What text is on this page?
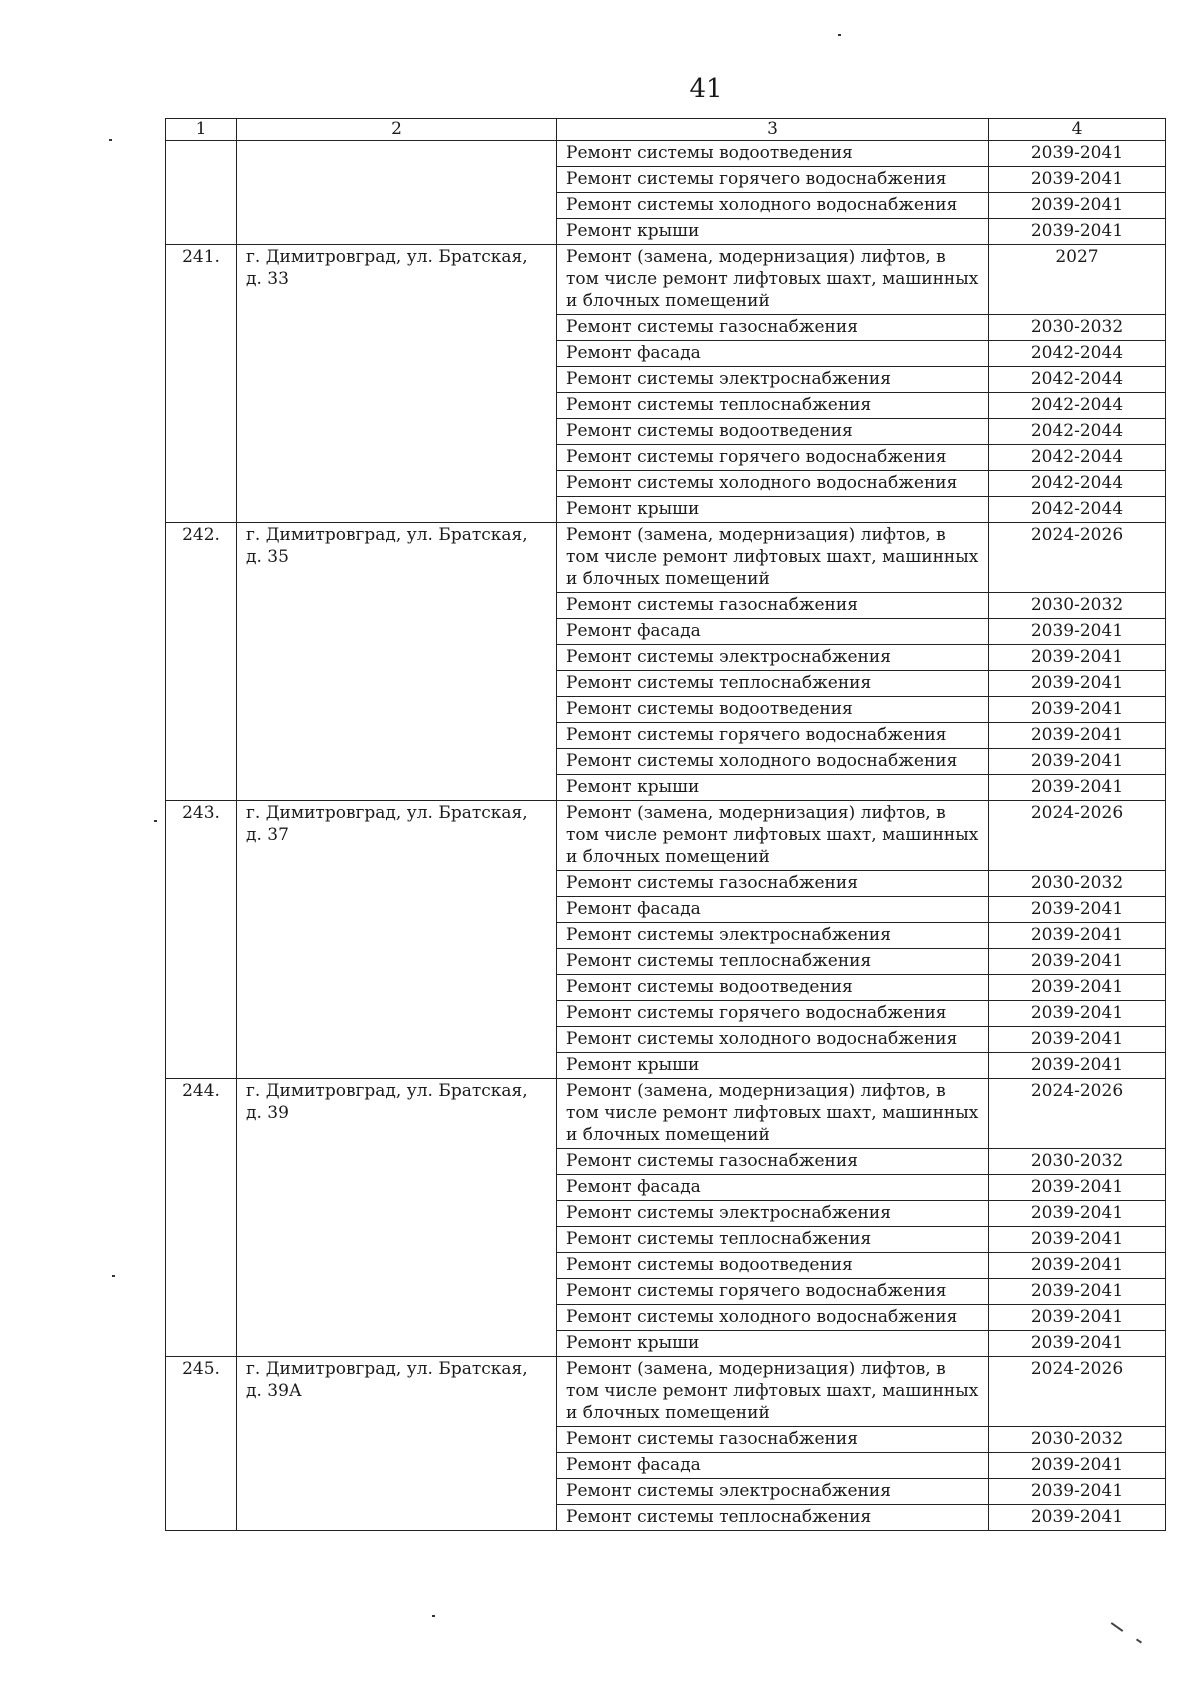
41
1	2	3	4
		Ремонт системы водоотведения	2039-2041
		Ремонт системы горячего водоснабжения	2039-2041
		Ремонт системы холодного водоснабжения	2039-2041
		Ремонт крыши	2039-2041
241.	г. Димитровград, ул. Братская, д. 33	Ремонт (замена, модернизация) лифтов, в том числе ремонт лифтовых шахт, машинных и блочных помещений	2027
		Ремонт системы газоснабжения	2030-2032
		Ремонт фасада	2042-2044
		Ремонт системы электроснабжения	2042-2044
		Ремонт системы теплоснабжения	2042-2044
		Ремонт системы водоотведения	2042-2044
		Ремонт системы горячего водоснабжения	2042-2044
		Ремонт системы холодного водоснабжения	2042-2044
		Ремонт крыши	2042-2044
242.	г. Димитровград, ул. Братская, д. 35	Ремонт (замена, модернизация) лифтов, в том числе ремонт лифтовых шахт, машинных и блочных помещений	2024-2026
		Ремонт системы газоснабжения	2030-2032
		Ремонт фасада	2039-2041
		Ремонт системы электроснабжения	2039-2041
		Ремонт системы теплоснабжения	2039-2041
		Ремонт системы водоотведения	2039-2041
		Ремонт системы горячего водоснабжения	2039-2041
		Ремонт системы холодного водоснабжения	2039-2041
		Ремонт крыши	2039-2041
243.	г. Димитровград, ул. Братская, д. 37	Ремонт (замена, модернизация) лифтов, в том числе ремонт лифтовых шахт, машинных и блочных помещений	2024-2026
		Ремонт системы газоснабжения	2030-2032
		Ремонт фасада	2039-2041
		Ремонт системы электроснабжения	2039-2041
		Ремонт системы теплоснабжения	2039-2041
		Ремонт системы водоотведения	2039-2041
		Ремонт системы горячего водоснабжения	2039-2041
		Ремонт системы холодного водоснабжения	2039-2041
		Ремонт крыши	2039-2041
244.	г. Димитровград, ул. Братская, д. 39	Ремонт (замена, модернизация) лифтов, в том числе ремонт лифтовых шахт, машинных и блочных помещений	2024-2026
		Ремонт системы газоснабжения	2030-2032
		Ремонт фасада	2039-2041
		Ремонт системы электроснабжения	2039-2041
		Ремонт системы теплоснабжения	2039-2041
		Ремонт системы водоотведения	2039-2041
		Ремонт системы горячего водоснабжения	2039-2041
		Ремонт системы холодного водоснабжения	2039-2041
		Ремонт крыши	2039-2041
245.	г. Димитровград, ул. Братская, д. 39А	Ремонт (замена, модернизация) лифтов, в том числе ремонт лифтовых шахт, машинных и блочных помещений	2024-2026
		Ремонт системы газоснабжения	2030-2032
		Ремонт фасада	2039-2041
		Ремонт системы электроснабжения	2039-2041
		Ремонт системы теплоснабжения	2039-2041
